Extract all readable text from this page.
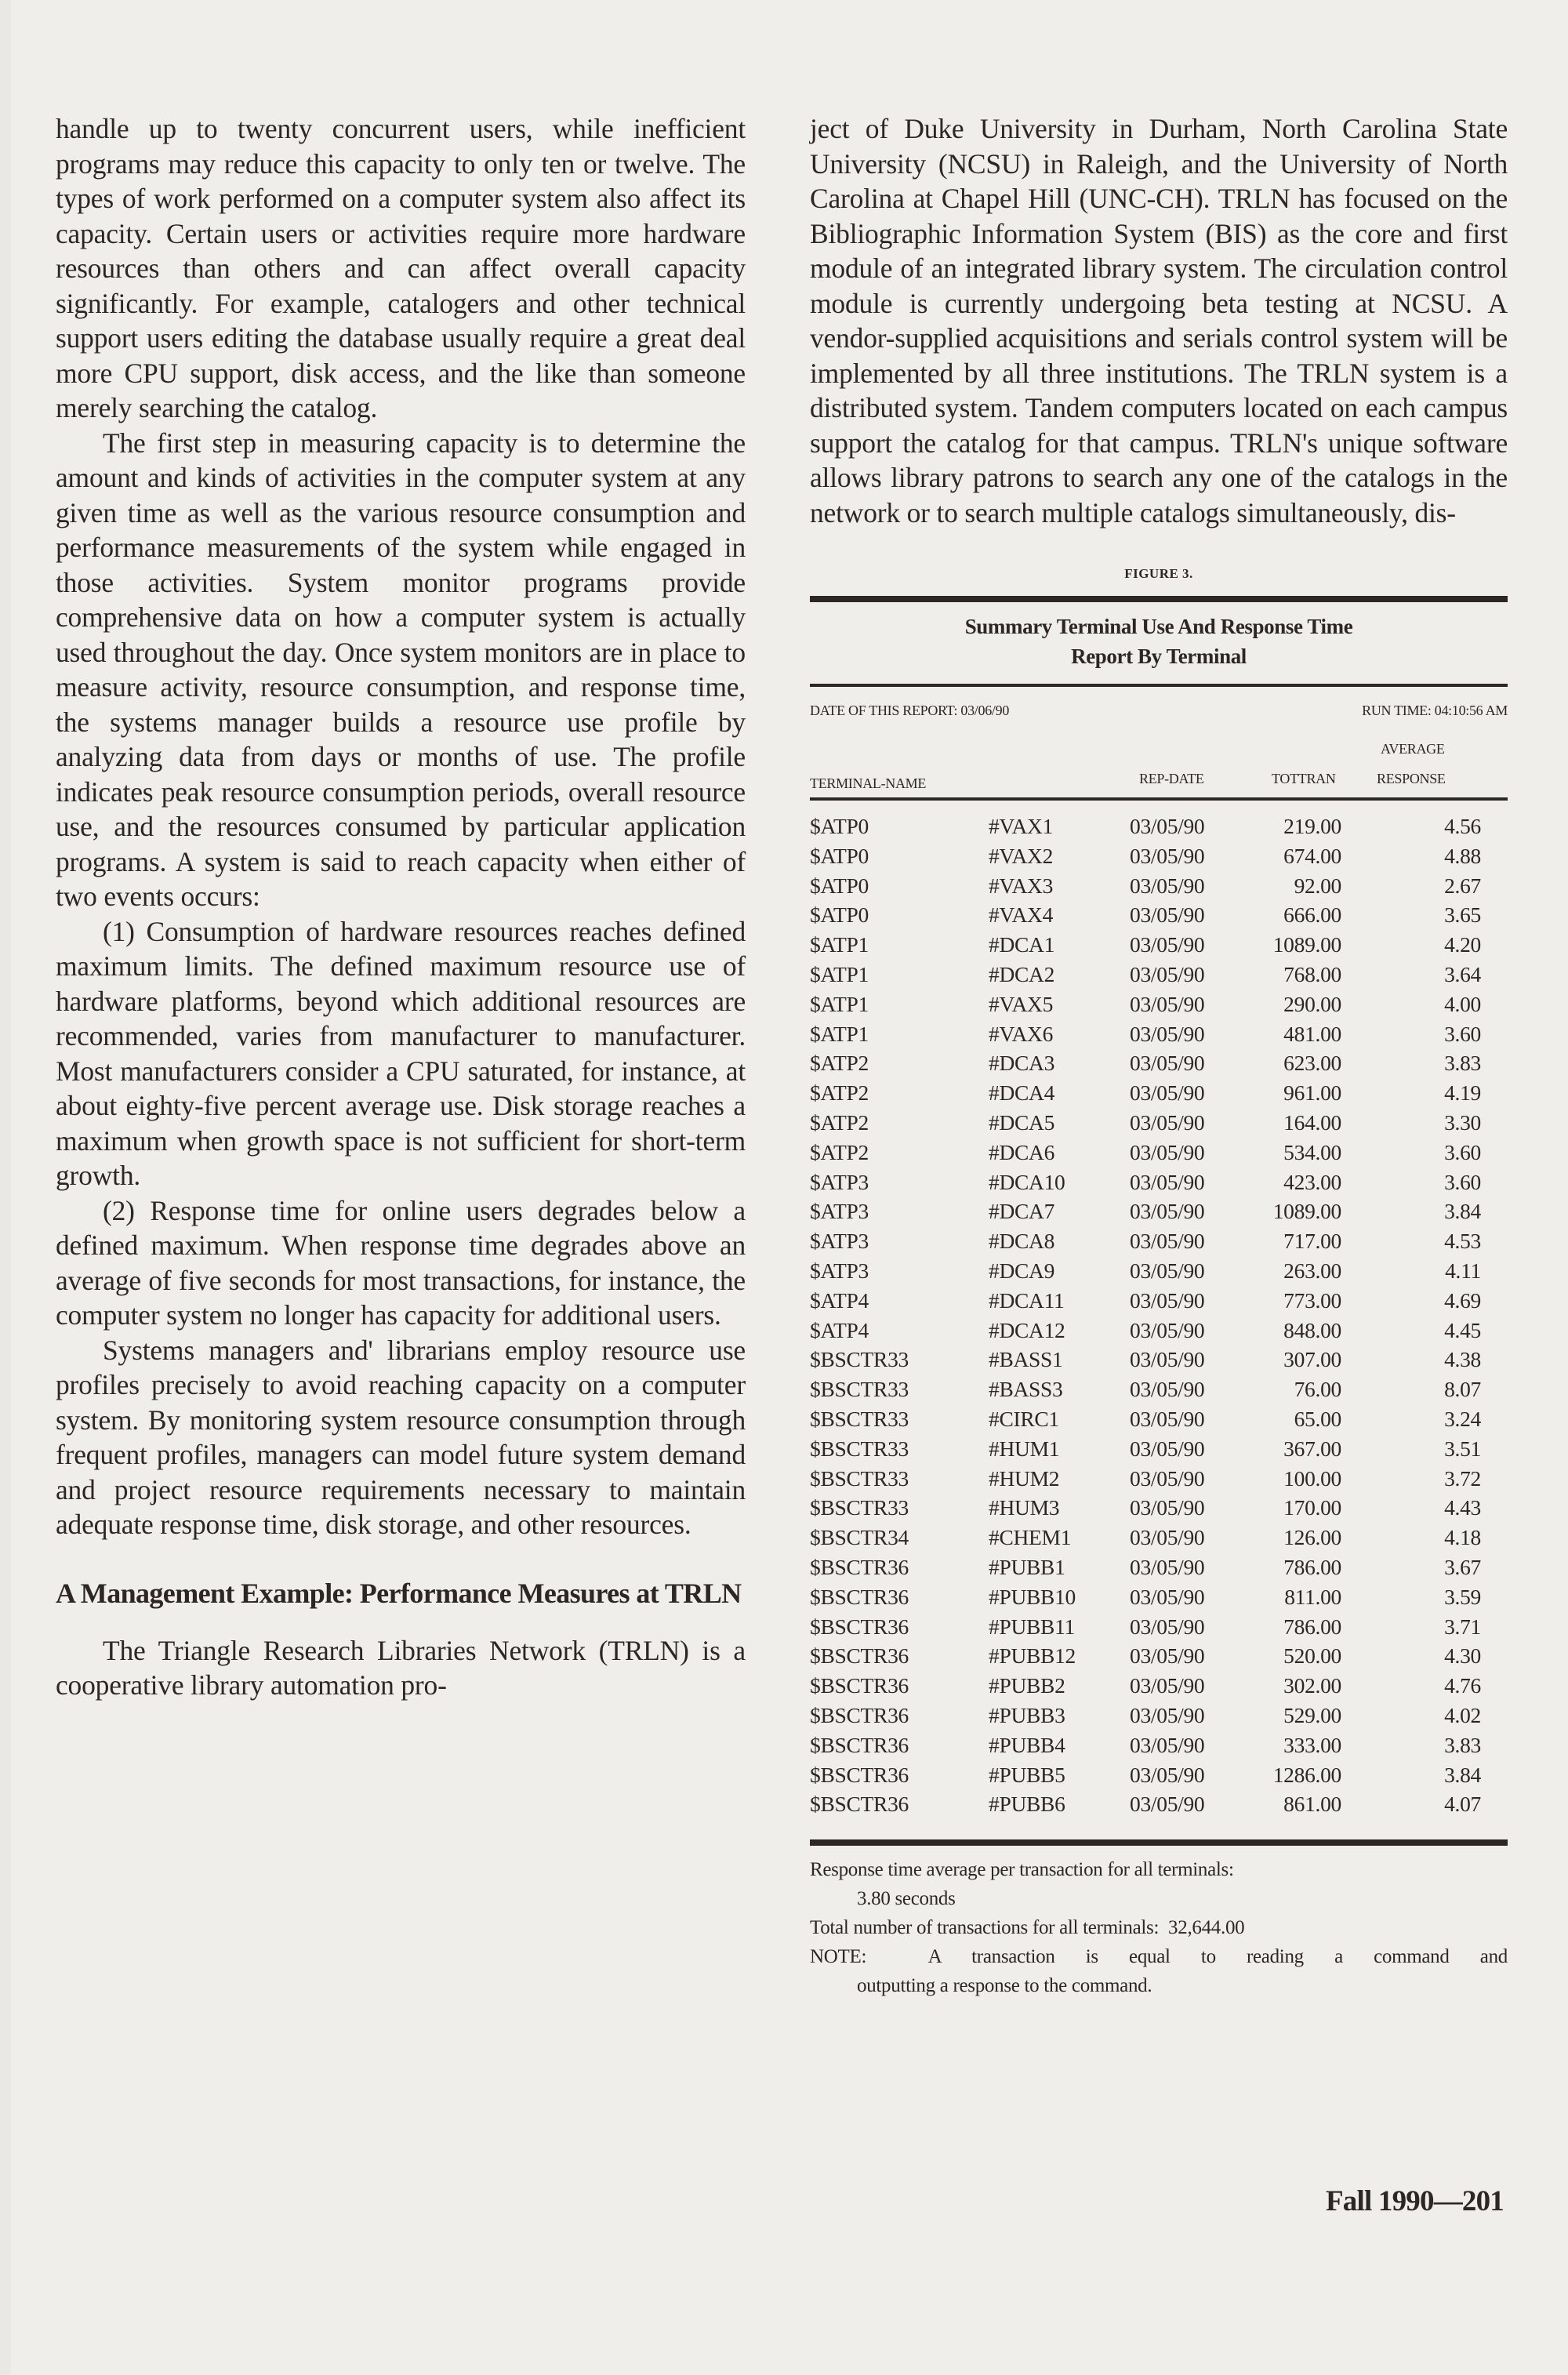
handle up to twenty concurrent users, while inefficient programs may reduce this capacity to only ten or twelve. The types of work performed on a computer system also affect its capacity. Certain users or activities require more hardware resources than others and can affect overall capacity significantly. For example, catalogers and other technical support users editing the database usually require a great deal more CPU support, disk access, and the like than someone merely searching the catalog.

The first step in measuring capacity is to determine the amount and kinds of activities in the computer system at any given time as well as the various resource consumption and performance measurements of the system while engaged in those activities. System monitor programs provide comprehensive data on how a computer system is actually used throughout the day. Once system monitors are in place to measure activity, resource consumption, and response time, the systems manager builds a resource use profile by analyzing data from days or months of use. The profile indicates peak resource consumption periods, overall resource use, and the resources consumed by particular application programs. A system is said to reach capacity when either of two events occurs:

(1) Consumption of hardware resources reaches defined maximum limits. The defined maximum resource use of hardware platforms, beyond which additional resources are recommended, varies from manufacturer to manufacturer. Most manufacturers consider a CPU saturated, for instance, at about eighty-five percent average use. Disk storage reaches a maximum when growth space is not sufficient for short-term growth.

(2) Response time for online users degrades below a defined maximum. When response time degrades above an average of five seconds for most transactions, for instance, the computer system no longer has capacity for additional users.

Systems managers and' librarians employ resource use profiles precisely to avoid reaching capacity on a computer system. By monitoring system resource consumption through frequent profiles, managers can model future system demand and project resource requirements necessary to maintain adequate response time, disk storage, and other resources.

A Management Example: Performance Measures at TRLN

The Triangle Research Libraries Network (TRLN) is a cooperative library automation pro-

ject of Duke University in Durham, North Carolina State University (NCSU) in Raleigh, and the University of North Carolina at Chapel Hill (UNC-CH). TRLN has focused on the Bibliographic Information System (BIS) as the core and first module of an integrated library system. The circulation control module is currently undergoing beta testing at NCSU. A vendor-supplied acquisitions and serials control system will be implemented by all three institutions. The TRLN system is a distributed system. Tandem computers located on each campus support the catalog for that campus. TRLN's unique software allows library patrons to search any one of the catalogs in the network or to search multiple catalogs simultaneously, dis-

FIGURE 3.
Summary Terminal Use And Response Time
Report By Terminal
DATE OF THIS REPORT: 03/06/90	RUN TIME: 04:10:56 AM
TERMINAL-NAME	REP-DATE	TOTTRAN
AVERAGE
RESPONSE
$ATP0	#VAX1	03/05/90	219.00	4.56
$ATP0	#VAX2	03/05/90	674.00	4.88
$ATP0	#VAX3	03/05/90	92.00	2.67
$ATP0	#VAX4	03/05/90	666.00	3.65
$ATP1	#DCA1	03/05/90	1089.00	4.20
$ATP1	#DCA2	03/05/90	768.00	3.64
$ATP1	#VAX5	03/05/90	290.00	4.00
$ATP1	#VAX6	03/05/90	481.00	3.60
$ATP2	#DCA3	03/05/90	623.00	3.83
$ATP2	#DCA4	03/05/90	961.00	4.19
$ATP2	#DCA5	03/05/90	164.00	3.30
$ATP2	#DCA6	03/05/90	534.00	3.60
$ATP3	#DCA10	03/05/90	423.00	3.60
$ATP3	#DCA7	03/05/90	1089.00	3.84
$ATP3	#DCA8	03/05/90	717.00	4.53
$ATP3	#DCA9	03/05/90	263.00	4.11
$ATP4	#DCA11	03/05/90	773.00	4.69
$ATP4	#DCA12	03/05/90	848.00	4.45
$BSCTR33	#BASS1	03/05/90	307.00	4.38
$BSCTR33	#BASS3	03/05/90	76.00	8.07
$BSCTR33	#CIRC1	03/05/90	65.00	3.24
$BSCTR33	#HUM1	03/05/90	367.00	3.51
$BSCTR33	#HUM2	03/05/90	100.00	3.72
$BSCTR33	#HUM3	03/05/90	170.00	4.43
$BSCTR34	#CHEM1	03/05/90	126.00	4.18
$BSCTR36	#PUBB1	03/05/90	786.00	3.67
$BSCTR36	#PUBB10	03/05/90	811.00	3.59
$BSCTR36	#PUBB11	03/05/90	786.00	3.71
$BSCTR36	#PUBB12	03/05/90	520.00	4.30
$BSCTR36	#PUBB2	03/05/90	302.00	4.76
$BSCTR36	#PUBB3	03/05/90	529.00	4.02
$BSCTR36	#PUBB4	03/05/90	333.00	3.83
$BSCTR36	#PUBB5	03/05/90	1286.00	3.84
$BSCTR36	#PUBB6	03/05/90	861.00	4.07
Response time average per transaction for all terminals:
3.80 seconds
Total number of transactions for all terminals: 32,644.00
NOTE:	A transaction is equal to reading a command and
outputting a response to the command.
Fall 1990—201
